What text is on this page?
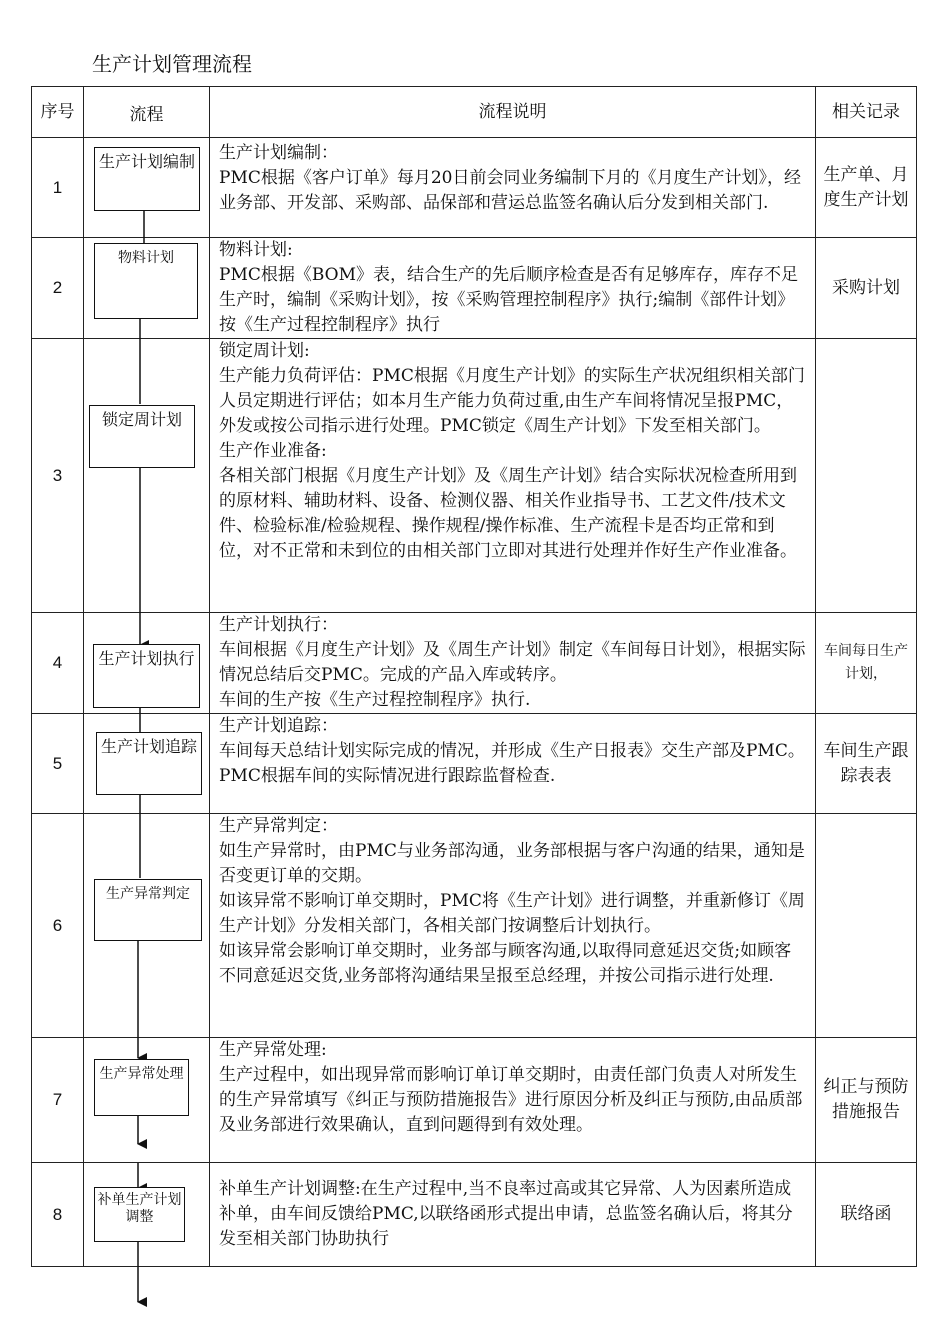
生产计划管理流程
序号	流程	流程说明	相关记录
1		生产计划编制：

PMC根据《客户订单》每月20日前会同业务编制下月的《月度生产计划》，经业务部、开发部、采购部、品保部和营运总监签名确认后分发到相关部门.	生产单、月度生产计划
2		物料计划:

PMC根据《BOM》表，结合生产的先后顺序检查是否有足够库存，库存不足生产时，编制《采购计划》，按《采购管理控制程序》执行;编制《部件计划》按《生产过程控制程序》执行	采购计划
3		锁定周计划:

生产能力负荷评估：PMC根据《月度生产计划》的实际生产状况组织相关部门人员定期进行评估；如本月生产能力负荷过重,由生产车间将情况呈报PMC，外发或按公司指示进行处理。PMC锁定《周生产计划》下发至相关部门。

生产作业准备:

各相关部门根据《月度生产计划》及《周生产计划》结合实际状况检查所用到的原材料、辅助材料、设备、检测仪器、相关作业指导书、工艺文件/技术文件、检验标准/检验规程、操作规程/操作标准、生产流程卡是否均正常和到位，对不正常和未到位的由相关部门立即对其进行处理并作好生产作业准备。	

4		生产计划执行：

车间根据《月度生产计划》及《周生产计划》制定《车间每日计划》，根据实际情况总结后交PMC。完成的产品入库或转序。

车间的生产按《生产过程控制程序》执行.	车间每日生产计划，
5		生产计划追踪：

车间每天总结计划实际完成的情况，并形成《生产日报表》交生产部及PMC。

PMC根据车间的实际情况进行跟踪监督检查.	车间生产跟踪表表
6		生产异常判定：

如生产异常时，由PMC与业务部沟通，业务部根据与客户沟通的结果，通知是否变更订单的交期。

如该异常不影响订单交期时，PMC将《生产计划》进行调整，并重新修订《周生产计划》分发相关部门，各相关部门按调整后计划执行。

如该异常会影响订单交期时，业务部与顾客沟通,以取得同意延迟交货;如顾客不同意延迟交货,业务部将沟通结果呈报至总经理，并按公司指示进行处理.	

7		生产异常处理:

生产过程中，如出现异常而影响订单订单交期时，由责任部门负责人对所发生的生产异常填写《纠正与预防措施报告》进行原因分析及纠正与预防,由品质部及业务部进行效果确认，直到问题得到有效处理。	纠正与预防措施报告
8		补单生产计划调整:在生产过程中,当不良率过高或其它异常、人为因素所造成补单，由车间反馈给PMC,以联络函形式提出申请，总监签名确认后，将其分发至相关部门协助执行	联络函
生产计划编制
物料计划
锁定周计划
生产计划执行
生产计划追踪
生产异常判定
生产异常处理
补单生产计划调整
